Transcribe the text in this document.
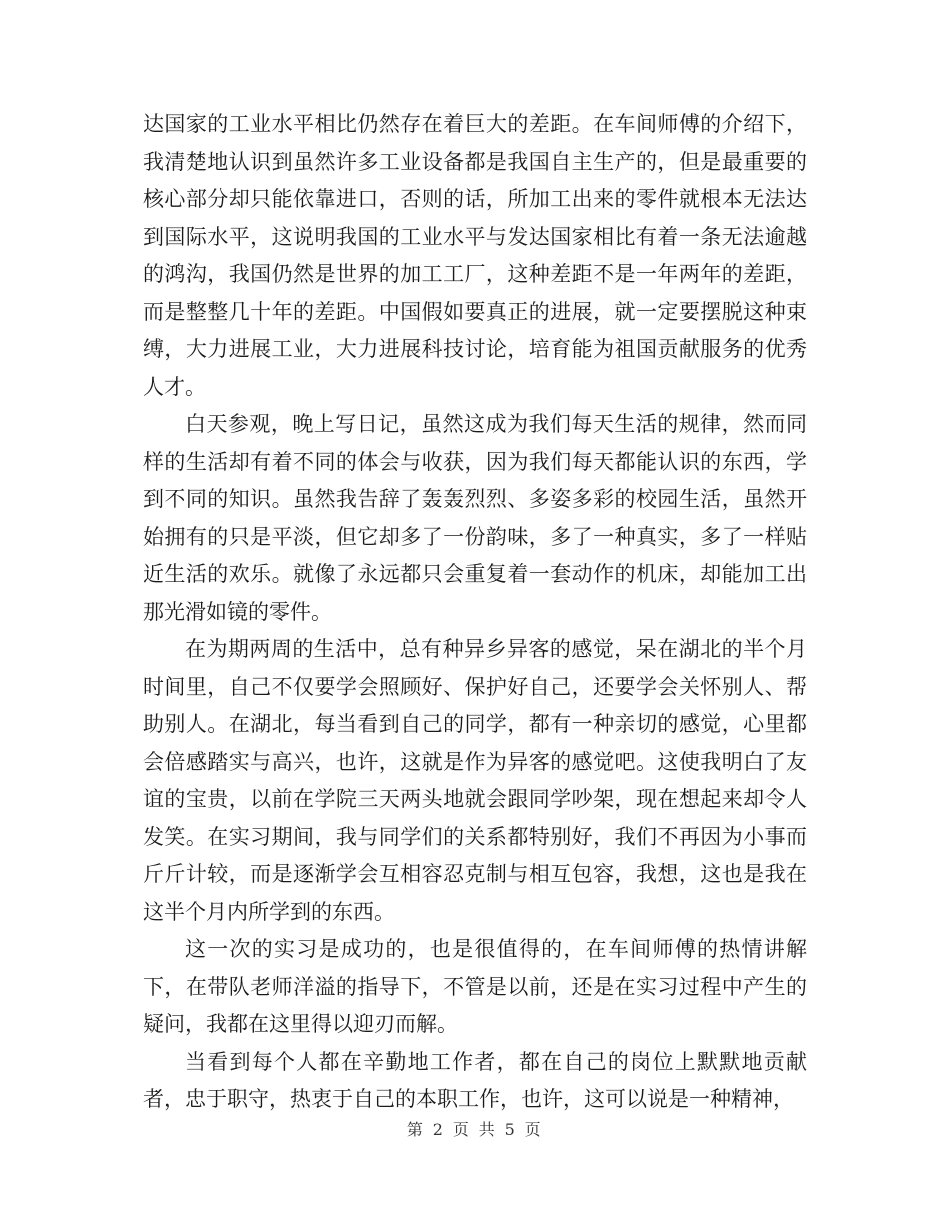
达国家的工业水平相比仍然存在着巨大的差距。在车间师傅的介绍下，我清楚地认识到虽然许多工业设备都是我国自主生产的，但是最重要的核心部分却只能依靠进口，否则的话，所加工出来的零件就根本无法达到国际水平，这说明我国的工业水平与发达国家相比有着一条无法逾越的鸿沟，我国仍然是世界的加工工厂，这种差距不是一年两年的差距，而是整整几十年的差距。中国假如要真正的进展，就一定要摆脱这种束缚，大力进展工业，大力进展科技讨论，培育能为祖国贡献服务的优秀人才。

白天参观，晚上写日记，虽然这成为我们每天生活的规律，然而同样的生活却有着不同的体会与收获，因为我们每天都能认识的东西，学到不同的知识。虽然我告辞了轰轰烈烈、多姿多彩的校园生活，虽然开始拥有的只是平淡，但它却多了一份韵味，多了一种真实，多了一样贴近生活的欢乐。就像了永远都只会重复着一套动作的机床，却能加工出那光滑如镜的零件。

在为期两周的生活中，总有种异乡异客的感觉，呆在湖北的半个月时间里，自己不仅要学会照顾好、保护好自己，还要学会关怀别人、帮助别人。在湖北，每当看到自己的同学，都有一种亲切的感觉，心里都会倍感踏实与高兴，也许，这就是作为异客的感觉吧。这使我明白了友谊的宝贵，以前在学院三天两头地就会跟同学吵架，现在想起来却令人发笑。在实习期间，我与同学们的关系都特别好，我们不再因为小事而斤斤计较，而是逐渐学会互相容忍克制与相互包容，我想，这也是我在这半个月内所学到的东西。

这一次的实习是成功的，也是很值得的，在车间师傅的热情讲解下，在带队老师洋溢的指导下，不管是以前，还是在实习过程中产生的疑问，我都在这里得以迎刃而解。

当看到每个人都在辛勤地工作者，都在自己的岗位上默默地贡献者，忠于职守，热衷于自己的本职工作，也许，这可以说是一种精神，

第 2 页 共 5 页
